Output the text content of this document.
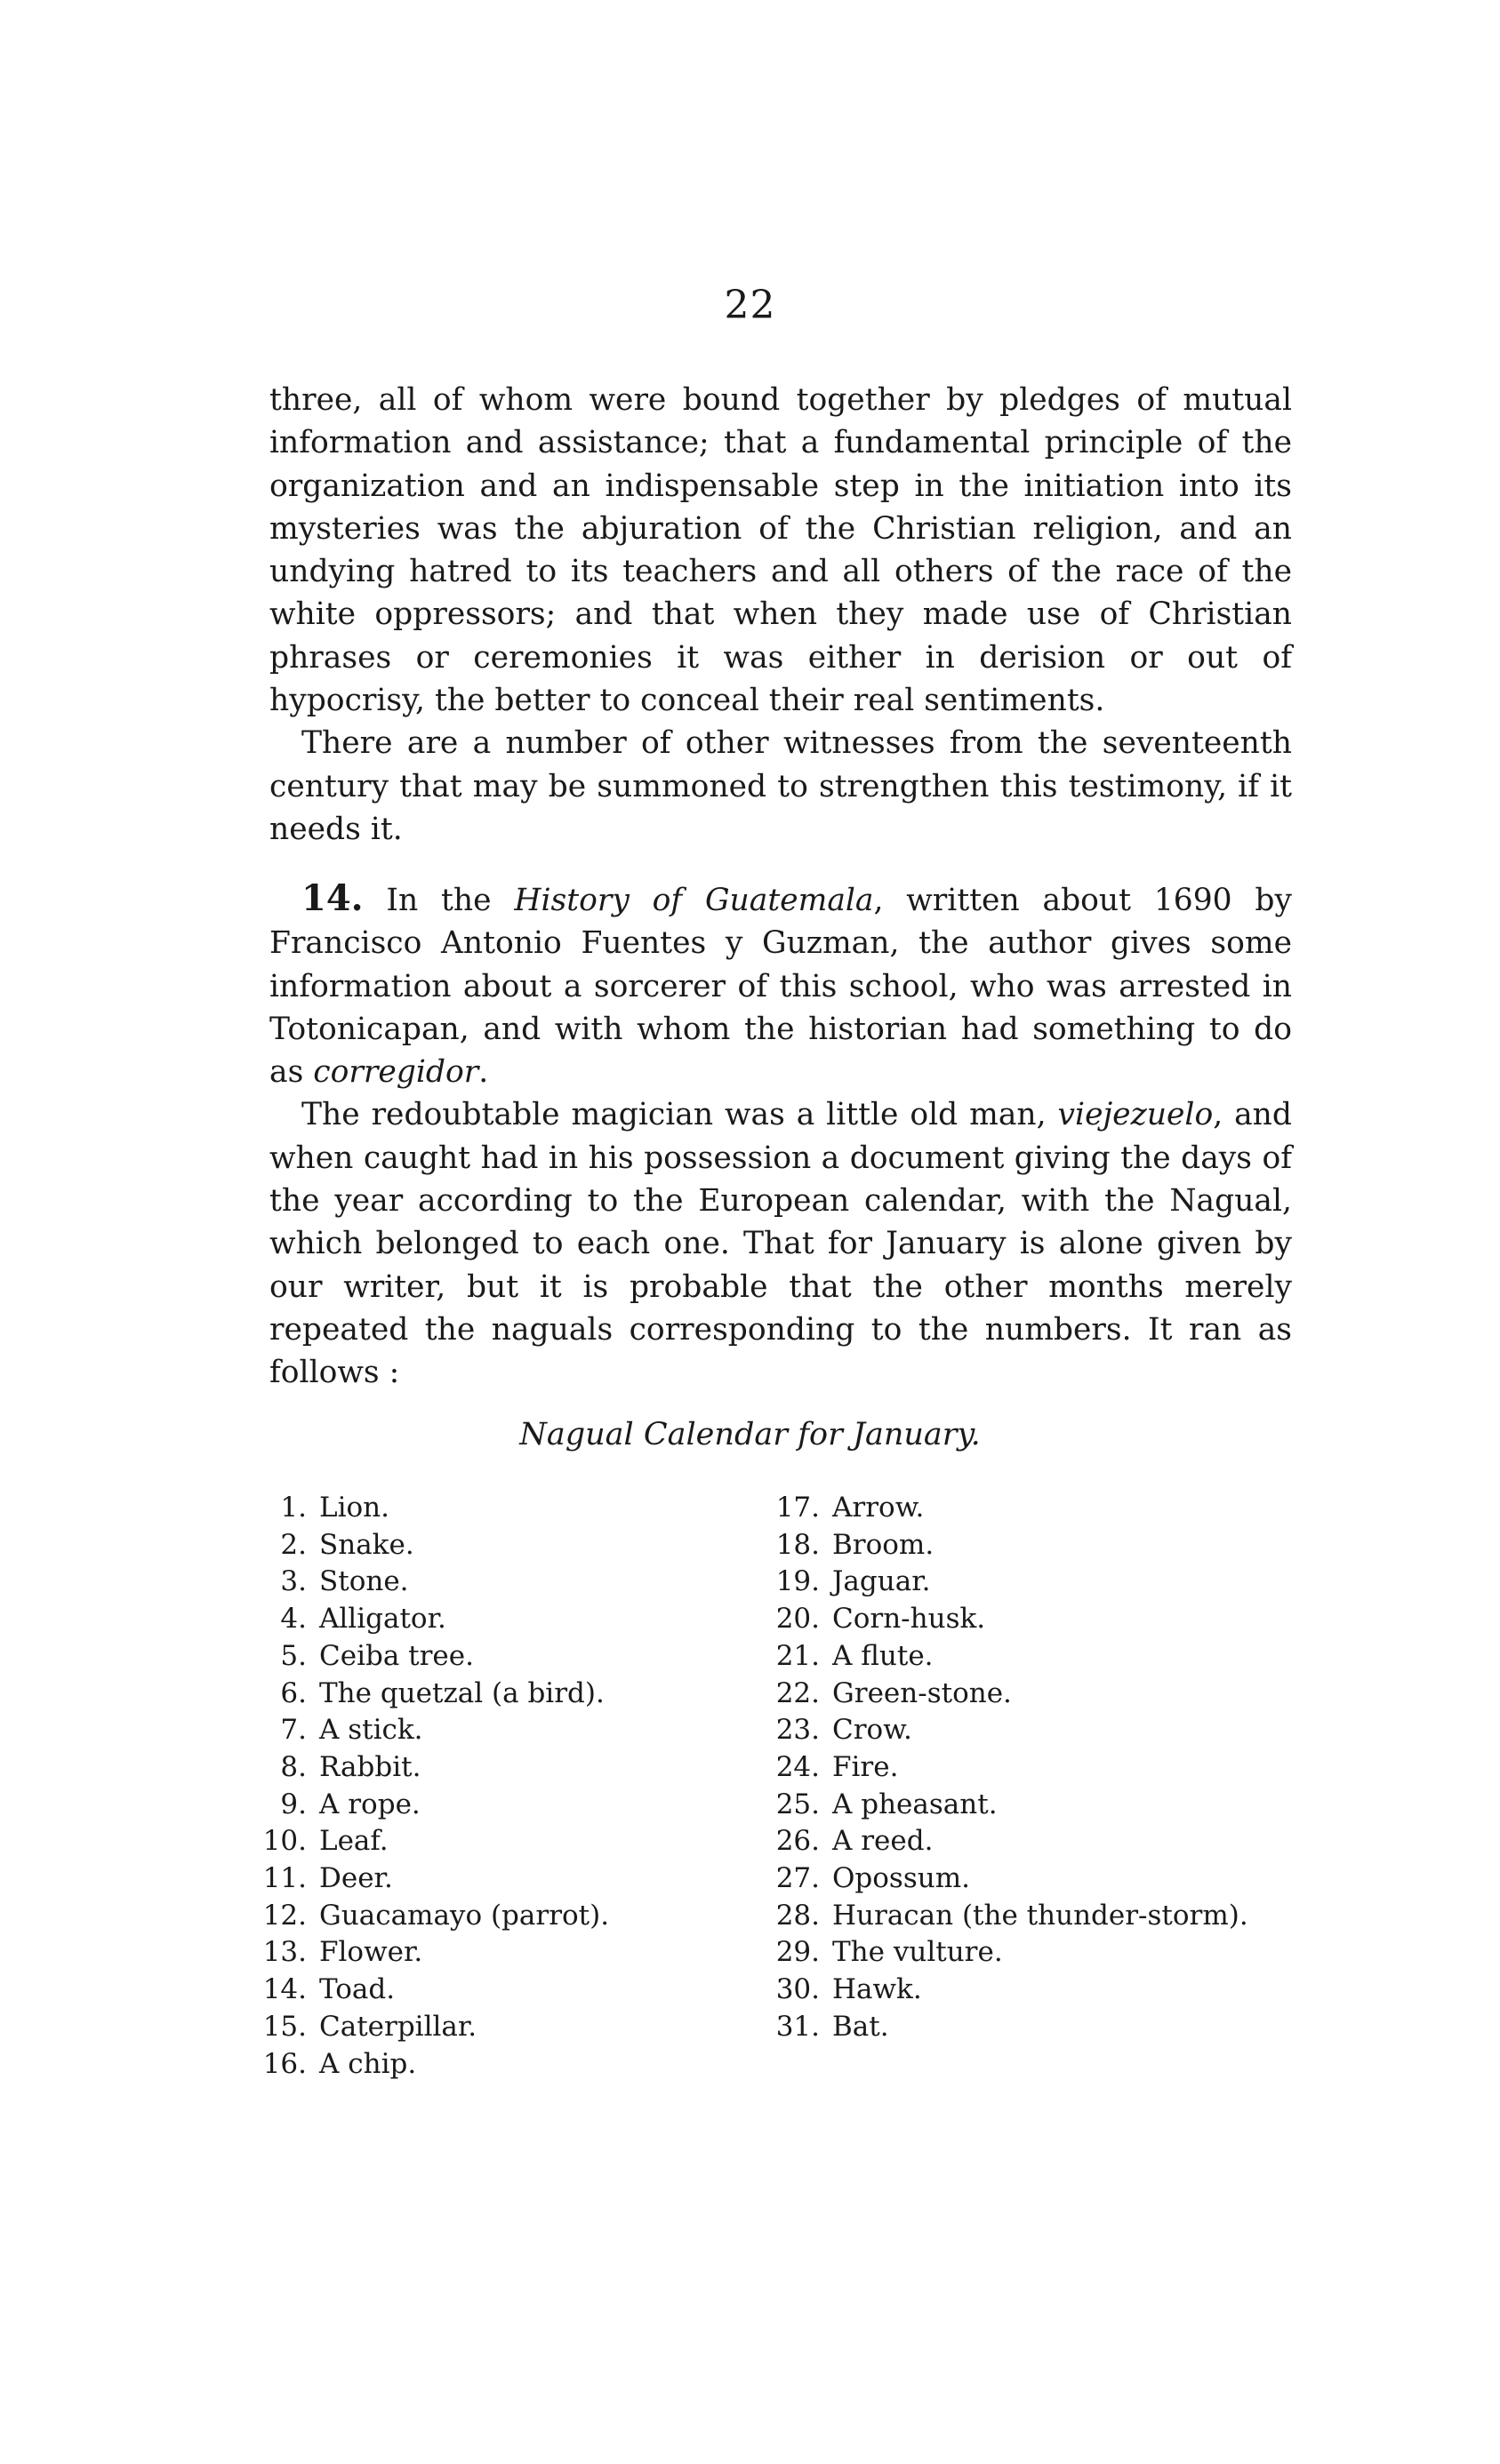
22

three, all of whom were bound together by pledges of mutual information and assistance; that a fundamental principle of the organization and an indispensable step in the initiation into its mysteries was the abjuration of the Christian religion, and an undying hatred to its teachers and all others of the race of the white oppressors; and that when they made use of Christian phrases or ceremonies it was either in derision or out of hypocrisy, the better to conceal their real sentiments.

There are a number of other witnesses from the seventeenth century that may be summoned to strengthen this testimony, if it needs it.

14. In the History of Guatemala, written about 1690 by Francisco Antonio Fuentes y Guzman, the author gives some information about a sorcerer of this school, who was arrested in Totonicapan, and with whom the historian had something to do as corregidor.

The redoubtable magician was a little old man, viejezuelo, and when caught had in his possession a document giving the days of the year according to the European calendar, with the Nagual, which belonged to each one. That for January is alone given by our writer, but it is probable that the other months merely repeated the naguals corresponding to the numbers. It ran as follows :

Nagual Calendar for January.
1. Lion.
2. Snake.
3. Stone.
4. Alligator.
5. Ceiba tree.
6. The quetzal (a bird).
7. A stick.
8. Rabbit.
9. A rope.
10. Leaf.
11. Deer.
12. Guacamayo (parrot).
13. Flower.
14. Toad.
15. Caterpillar.
16. A chip.
17. Arrow.
18. Broom.
19. Jaguar.
20. Corn-husk.
21. A flute.
22. Green-stone.
23. Crow.
24. Fire.
25. A pheasant.
26. A reed.
27. Opossum.
28. Huracan (the thunder-storm).
29. The vulture.
30. Hawk.
31. Bat.
